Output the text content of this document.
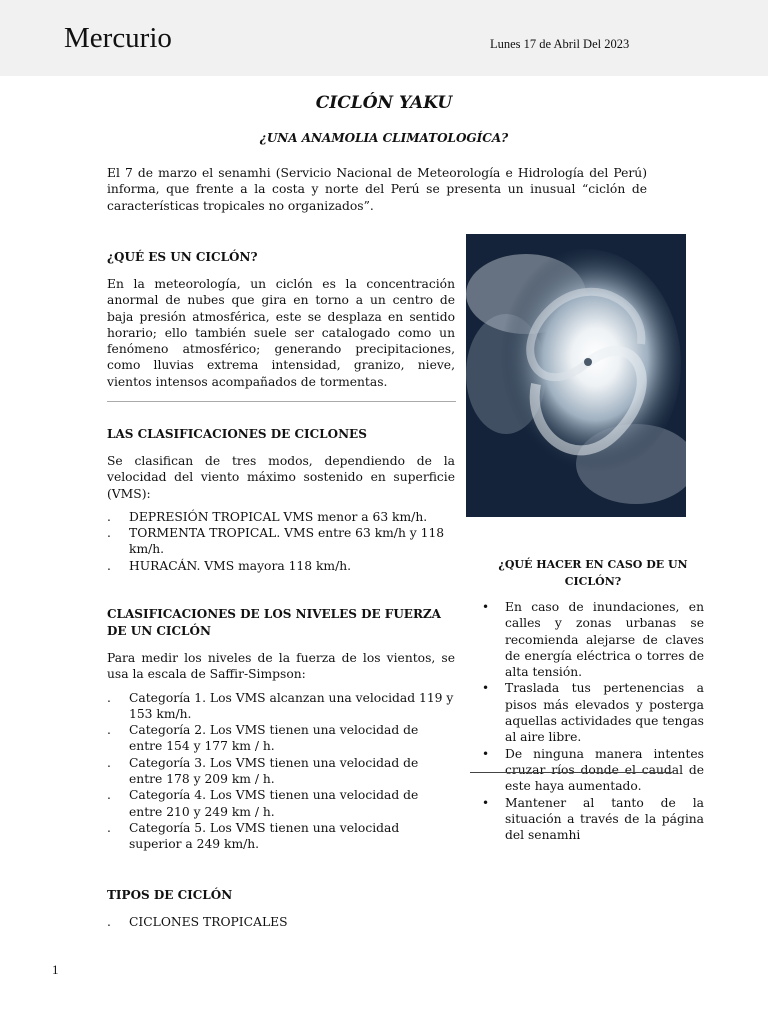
Mercurio	Lunes 17 de Abril Del 2023
CICLÓN YAKU
¿UNA ANAMOLIA CLIMATOLOGÍCA?
El 7 de marzo el senamhi (Servicio Nacional de Meteorología e Hidrología del Perú) informa, que frente a la costa y norte del Perú se presenta un inusual “ciclón de características tropicales no organizados”.
¿QUÉ ES UN CICLÓN?
En la meteorología, un ciclón es la concentración anormal de nubes que gira en torno a un centro de baja presión atmosférica, este se desplaza en sentido horario; ello también suele ser catalogado como un fenómeno atmosférico; generando precipitaciones, como lluvias extrema intensidad, granizo, nieve, vientos intensos acompañados de tormentas.
LAS CLASIFICACIONES DE CICLONES
Se clasifican de tres modos, dependiendo de la velocidad del viento máximo sostenido en superficie (VMS):
. DEPRESIÓN TROPICAL VMS menor a 63 km/h.
. TORMENTA TROPICAL. VMS entre 63 km/h y 118 km/h.
. HURACÁN. VMS mayora 118 km/h.
CLASIFICACIONES DE LOS NIVELES DE FUERZA DE UN CICLÓN
Para medir los niveles de la fuerza de los vientos, se usa la escala de Saffir-Simpson:
. Categoría 1. Los VMS alcanzan una velocidad 119 y 153 km/h.
. Categoría 2. Los VMS tienen una velocidad de entre 154 y 177 km / h.
. Categoría 3. Los VMS tienen una velocidad de entre 178 y 209 km / h.
. Categoría 4. Los VMS tienen una velocidad de entre 210 y 249 km / h.
. Categoría 5. Los VMS tienen una velocidad superior a 249 km/h.
TIPOS DE CICLÓN
. CICLONES TROPICALES
¿QUÉ HACER EN CASO DE UN CICLÓN?
• En caso de inundaciones, en calles y zonas urbanas se recomienda alejarse de claves de energía eléctrica o torres de alta tensión.
• Traslada tus pertenencias a pisos más elevados y posterga aquellas actividades que tengas al aire libre.
• De ninguna manera intentes cruzar ríos donde el caudal de este haya aumentado.
• Mantener al tanto de la situación a través de la página del senamhi
1
